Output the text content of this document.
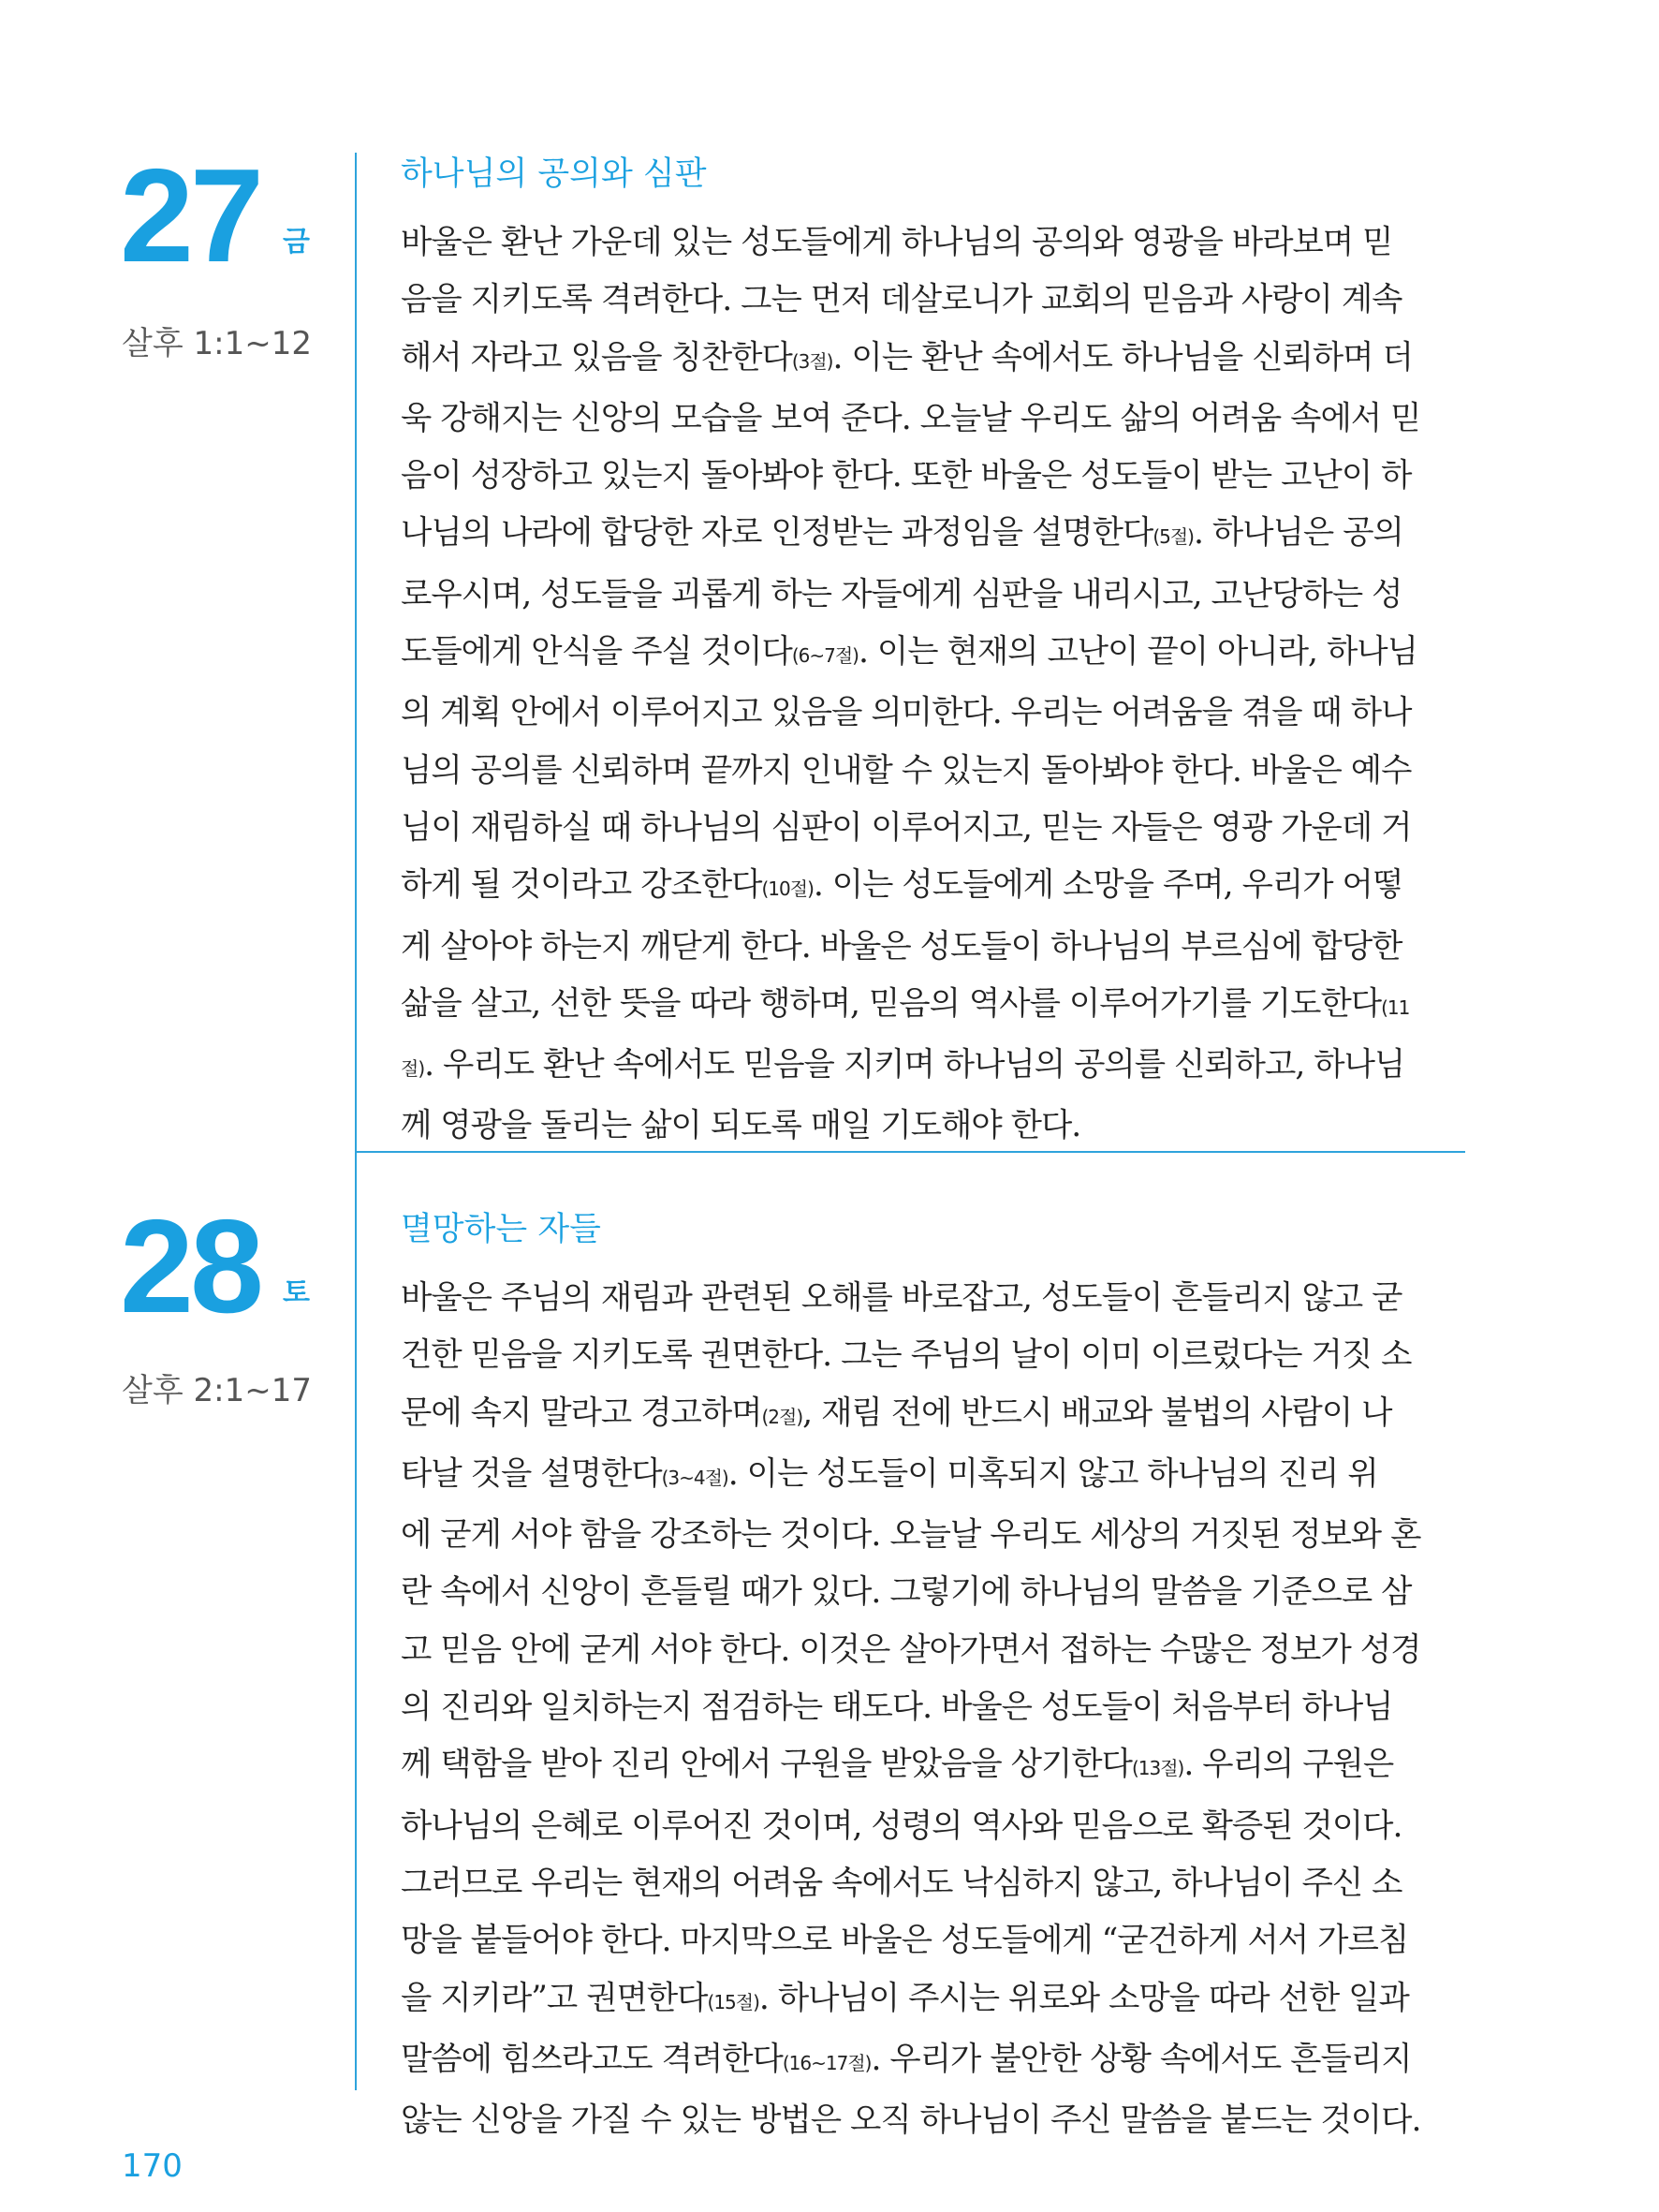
27 금
살후 1:1~12
하나님의 공의와 심판

바울은 환난 가운데 있는 성도들에게 하나님의 공의와 영광을 바라보며 믿

음을 지키도록 격려한다. 그는 먼저 데살로니가 교회의 믿음과 사랑이 계속

해서 자라고 있음을 칭찬한다(3절). 이는 환난 속에서도 하나님을 신뢰하며 더

욱 강해지는 신앙의 모습을 보여 준다. 오늘날 우리도 삶의 어려움 속에서 믿

음이 성장하고 있는지 돌아봐야 한다. 또한 바울은 성도들이 받는 고난이 하

나님의 나라에 합당한 자로 인정받는 과정임을 설명한다(5절). 하나님은 공의

로우시며, 성도들을 괴롭게 하는 자들에게 심판을 내리시고, 고난당하는 성

도들에게 안식을 주실 것이다(6~7절). 이는 현재의 고난이 끝이 아니라, 하나님

의 계획 안에서 이루어지고 있음을 의미한다. 우리는 어려움을 겪을 때 하나

님의 공의를 신뢰하며 끝까지 인내할 수 있는지 돌아봐야 한다. 바울은 예수

님이 재림하실 때 하나님의 심판이 이루어지고, 믿는 자들은 영광 가운데 거

하게 될 것이라고 강조한다(10절). 이는 성도들에게 소망을 주며, 우리가 어떻

게 살아야 하는지 깨닫게 한다. 바울은 성도들이 하나님의 부르심에 합당한

삶을 살고, 선한 뜻을 따라 행하며, 믿음의 역사를 이루어가기를 기도한다(11

절). 우리도 환난 속에서도 믿음을 지키며 하나님의 공의를 신뢰하고, 하나님

께 영광을 돌리는 삶이 되도록 매일 기도해야 한다.

28 토
살후 2:1~17
멸망하는 자들

바울은 주님의 재림과 관련된 오해를 바로잡고, 성도들이 흔들리지 않고 굳

건한 믿음을 지키도록 권면한다. 그는 주님의 날이 이미 이르렀다는 거짓 소

문에 속지 말라고 경고하며(2절), 재림 전에 반드시 배교와 불법의 사람이 나

타날 것을 설명한다(3~4절). 이는 성도들이 미혹되지 않고 하나님의 진리 위

에 굳게 서야 함을 강조하는 것이다. 오늘날 우리도 세상의 거짓된 정보와 혼

란 속에서 신앙이 흔들릴 때가 있다. 그렇기에 하나님의 말씀을 기준으로 삼

고 믿음 안에 굳게 서야 한다. 이것은 살아가면서 접하는 수많은 정보가 성경

의 진리와 일치하는지 점검하는 태도다. 바울은 성도들이 처음부터 하나님

께 택함을 받아 진리 안에서 구원을 받았음을 상기한다(13절). 우리의 구원은

하나님의 은혜로 이루어진 것이며, 성령의 역사와 믿음으로 확증된 것이다.

그러므로 우리는 현재의 어려움 속에서도 낙심하지 않고, 하나님이 주신 소

망을 붙들어야 한다. 마지막으로 바울은 성도들에게 “굳건하게 서서 가르침

을 지키라”고 권면한다(15절). 하나님이 주시는 위로와 소망을 따라 선한 일과

말씀에 힘쓰라고도 격려한다(16~17절). 우리가 불안한 상황 속에서도 흔들리지

않는 신앙을 가질 수 있는 방법은 오직 하나님이 주신 말씀을 붙드는 것이다.

170
